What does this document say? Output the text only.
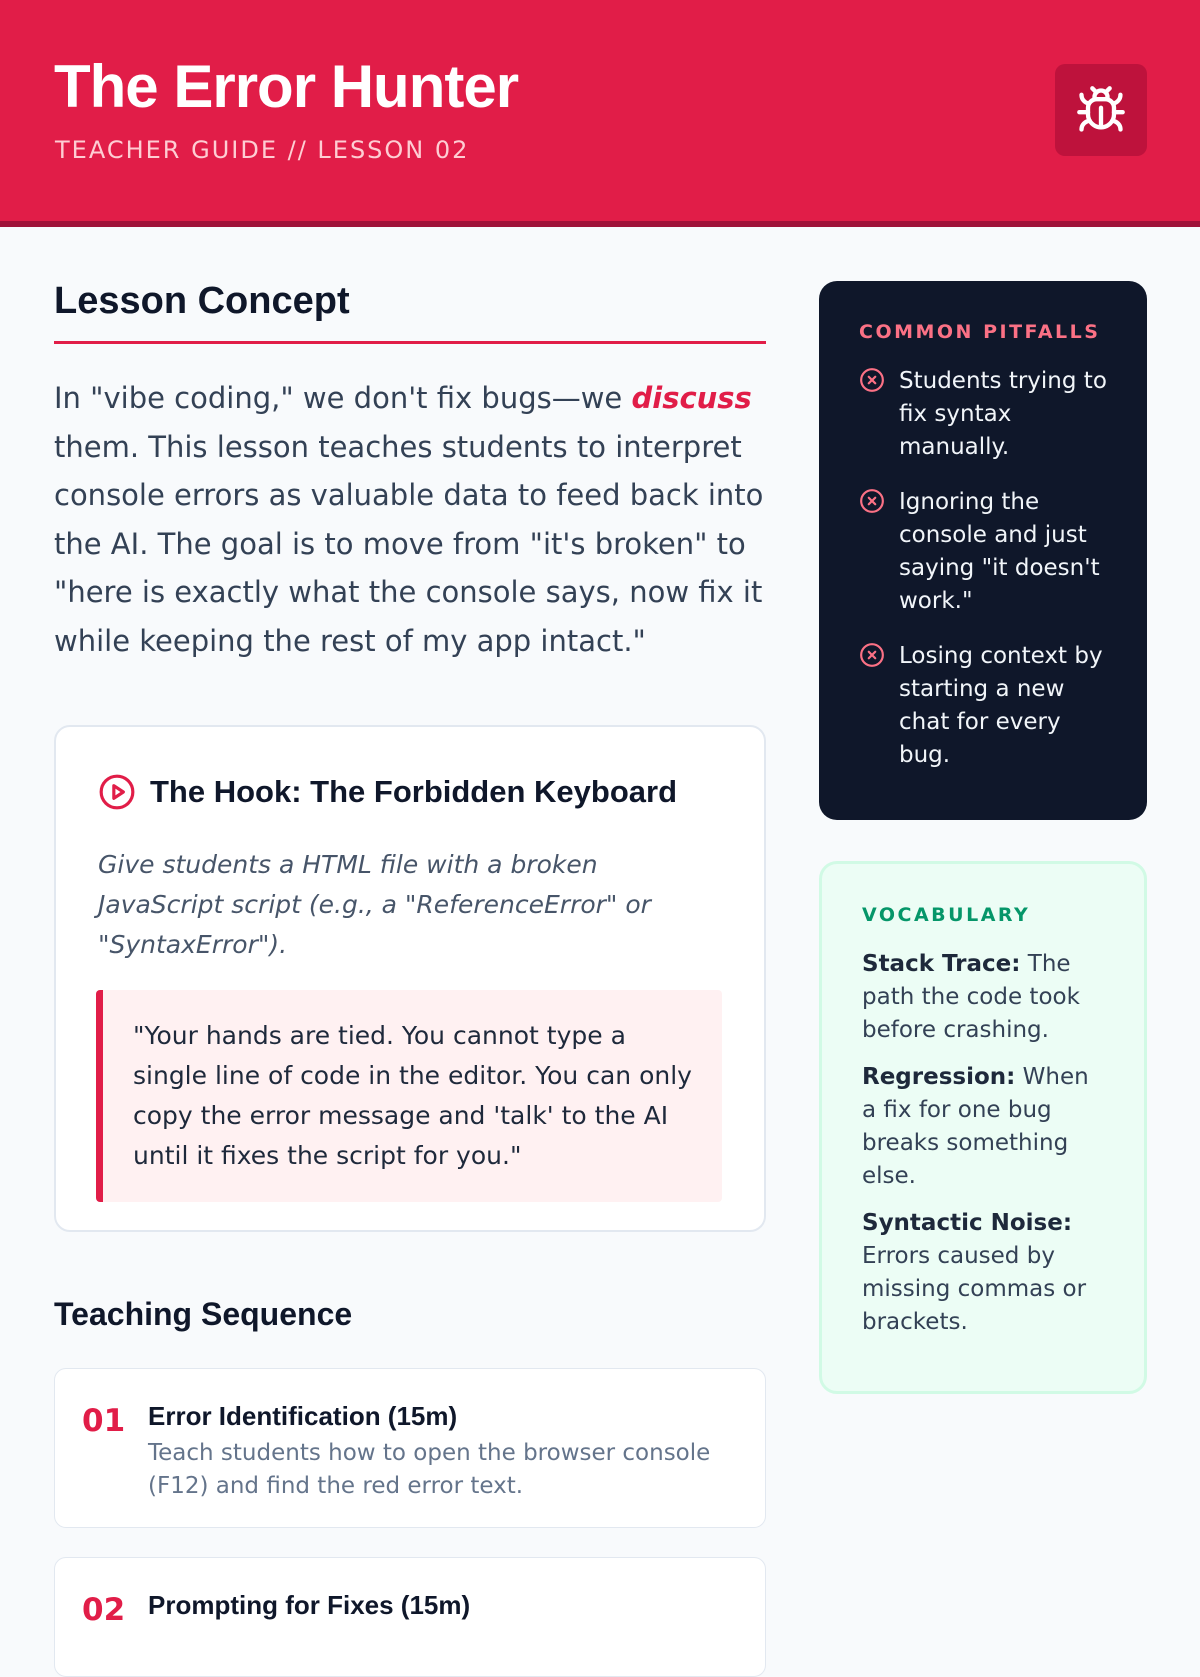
The Error Hunter
TEACHER GUIDE // LESSON 02
Lesson Concept

In "vibe coding," we don't fix bugs—we discuss them. This lesson teaches students to interpret console errors as valuable data to feed back into the AI. The goal is to move from "it's broken" to "here is exactly what the console says, now fix it while keeping the rest of my app intact."

The Hook: The Forbidden Keyboard

Give students a HTML file with a broken JavaScript script (e.g., a "ReferenceError" or "SyntaxError").

"Your hands are tied. You cannot type a single line of code in the editor. You can only copy the error message and 'talk' to the AI until it fixes the script for you."
Teaching Sequence
01 Error Identification (15m)
Teach students how to open the browser console (F12) and find the red error text.
02 Prompting for Fixes (15m)
COMMON PITFALLS
Students trying to fix syntax manually.
Ignoring the console and just saying "it doesn't work."
Losing context by starting a new chat for every bug.
VOCABULARY

Stack Trace: The path the code took before crashing.

Regression: When a fix for one bug breaks something else.

Syntactic Noise: Errors caused by missing commas or brackets.
